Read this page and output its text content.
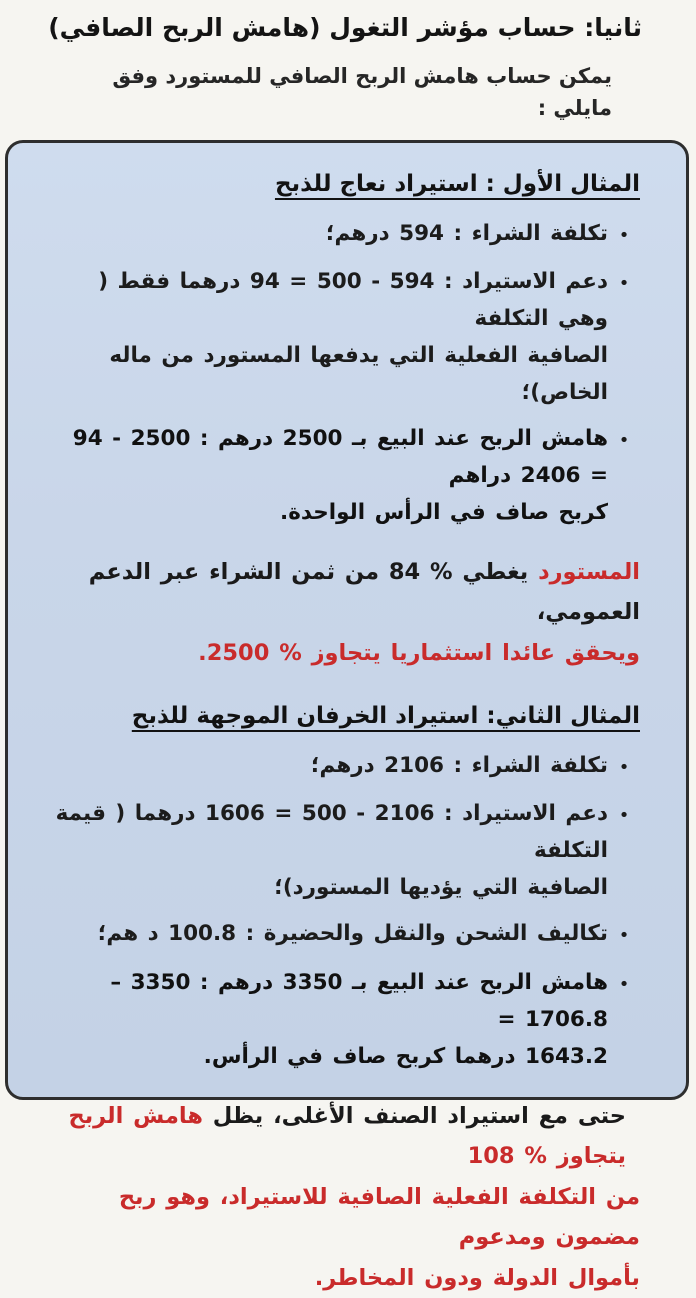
ثانيا: حساب مؤشر التغول (هامش الربح الصافي)
يمكن حساب هامش الربح الصافي للمستورد وفق مايلي :
المثال الأول : استيراد نعاج للذبح
•
تكلفة الشراء : 594 درهم؛
•
دعم الاستيراد : 594 - 500 = 94 درهما فقط ( وهي التكلفة
الصافية الفعلية التي يدفعها المستورد من ماله الخاص)؛
•
هامش الربح عند البيع بـ 2500 درهم : 2500 - 94 = 2406 دراهم
كربح صاف في الرأس الواحدة.
المستورد يغطي % 84 من ثمن الشراء عبر الدعم العمومي،
ويحقق عائدا استثماريا يتجاوز % 2500.
المثال الثاني: استيراد الخرفان الموجهة للذبح
•
تكلفة الشراء : 2106 درهم؛
•
دعم الاستيراد : 2106 - 500 = 1606 درهما ( قيمة التكلفة
الصافية التي يؤديها المستورد)؛
•
تكاليف الشحن والنقل والحضيرة : 100.8 د هم؛
•
هامش الربح عند البيع بـ 3350 درهم : 3350 – 1706.8 =
1643.2 درهما كربح صاف في الرأس.
حتى مع استيراد الصنف الأغلى، يظل هامش الربح يتجاوز % 108
من التكلفة الفعلية الصافية للاستيراد، وهو ربح مضمون ومدعوم
بأموال الدولة ودون المخاطر.
